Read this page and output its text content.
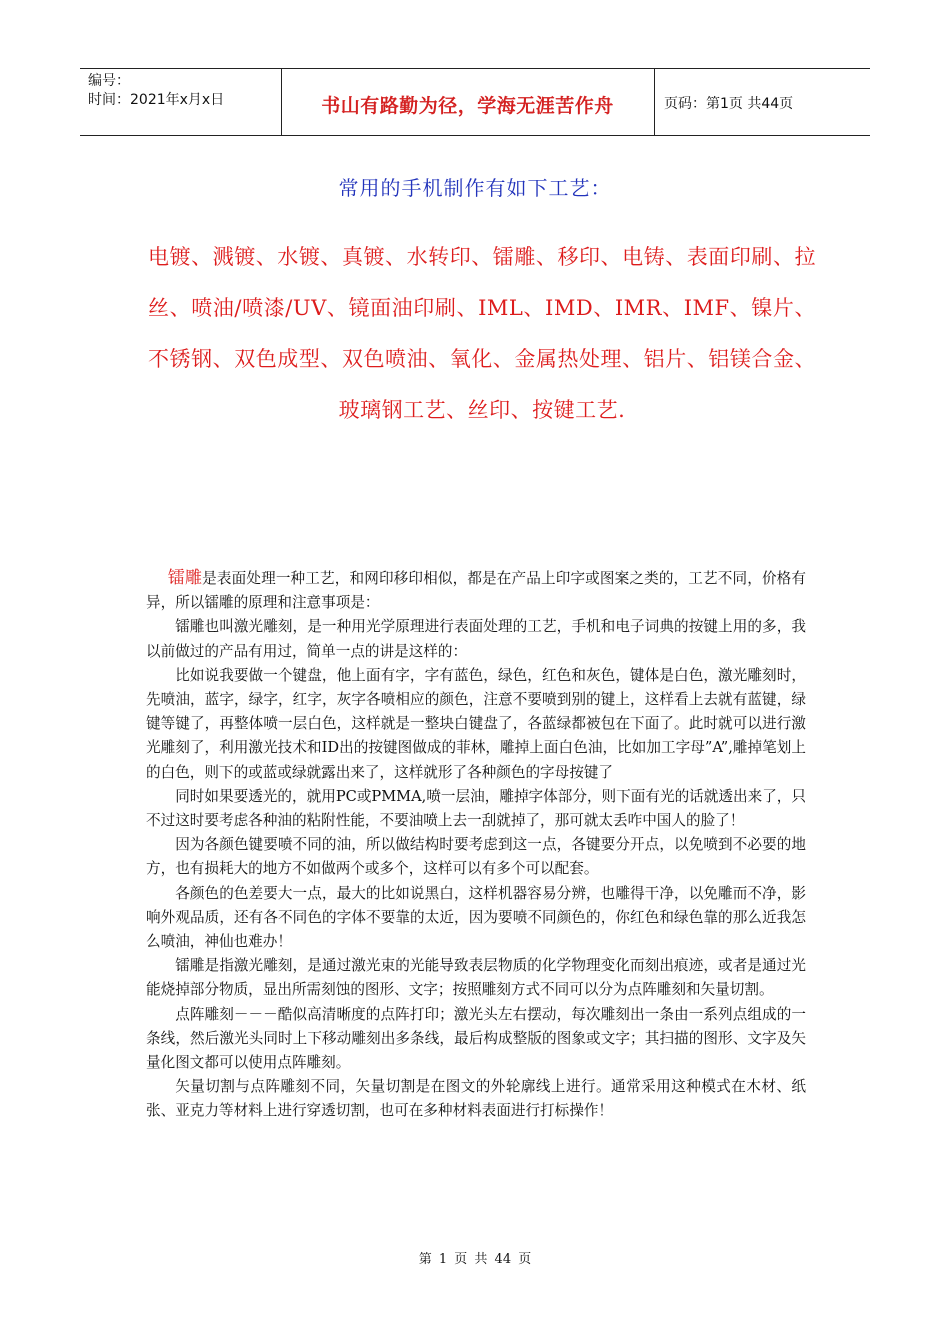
编号：
时间：2021年x月x日	书山有路勤为径，学海无涯苦作舟	页码：第1页 共44页
常用的手机制作有如下工艺：
电镀、溅镀、水镀、真镀、水转印、镭雕、移印、电铸、表面印刷、拉丝、喷油/喷漆/UV、镜面油印刷、IML、IMD、IMR、IMF、镍片、不锈钢、双色成型、双色喷油、氧化、金属热处理、铝片、铝镁合金、玻璃钢工艺、丝印、按键工艺.

镭雕是表面处理一种工艺，和网印移印相似，都是在产品上印字或图案之类的，工艺不同，价格有异，所以镭雕的原理和注意事项是：

镭雕也叫激光雕刻，是一种用光学原理进行表面处理的工艺，手机和电子词典的按键上用的多，我以前做过的产品有用过，简单一点的讲是这样的：

比如说我要做一个键盘，他上面有字，字有蓝色，绿色，红色和灰色，键体是白色，激光雕刻时，先喷油，蓝字，绿字，红字，灰字各喷相应的颜色，注意不要喷到别的键上，这样看上去就有蓝键，绿键等键了，再整体喷一层白色，这样就是一整块白键盘了，各蓝绿都被包在下面了。此时就可以进行激光雕刻了，利用激光技术和ID出的按键图做成的菲林，雕掉上面白色油，比如加工字母”A”,雕掉笔划上的白色，则下的或蓝或绿就露出来了，这样就形了各种颜色的字母按键了

同时如果要透光的，就用PC或PMMA,喷一层油，雕掉字体部分，则下面有光的话就透出来了，只不过这时要考虑各种油的粘附性能，不要油喷上去一刮就掉了，那可就太丢咋中国人的脸了！

因为各颜色键要喷不同的油，所以做结构时要考虑到这一点，各键要分开点，以免喷到不必要的地方，也有损耗大的地方不如做两个或多个，这样可以有多个可以配套。

各颜色的色差要大一点，最大的比如说黑白，这样机器容易分辨，也雕得干净，以免雕而不净，影响外观品质，还有各不同色的字体不要靠的太近，因为要喷不同颜色的，你红色和绿色靠的那么近我怎么喷油，神仙也难办！

镭雕是指激光雕刻，是通过激光束的光能导致表层物质的化学物理变化而刻出痕迹，或者是通过光能烧掉部分物质，显出所需刻蚀的图形、文字；按照雕刻方式不同可以分为点阵雕刻和矢量切割。

点阵雕刻－－－酷似高清晰度的点阵打印；激光头左右摆动，每次雕刻出一条由一系列点组成的一条线，然后激光头同时上下移动雕刻出多条线，最后构成整版的图象或文字；其扫描的图形、文字及矢量化图文都可以使用点阵雕刻。

矢量切割与点阵雕刻不同，矢量切割是在图文的外轮廓线上进行。通常采用这种模式在木材、纸张、亚克力等材料上进行穿透切割，也可在多种材料表面进行打标操作！

第 1 页 共 44 页
